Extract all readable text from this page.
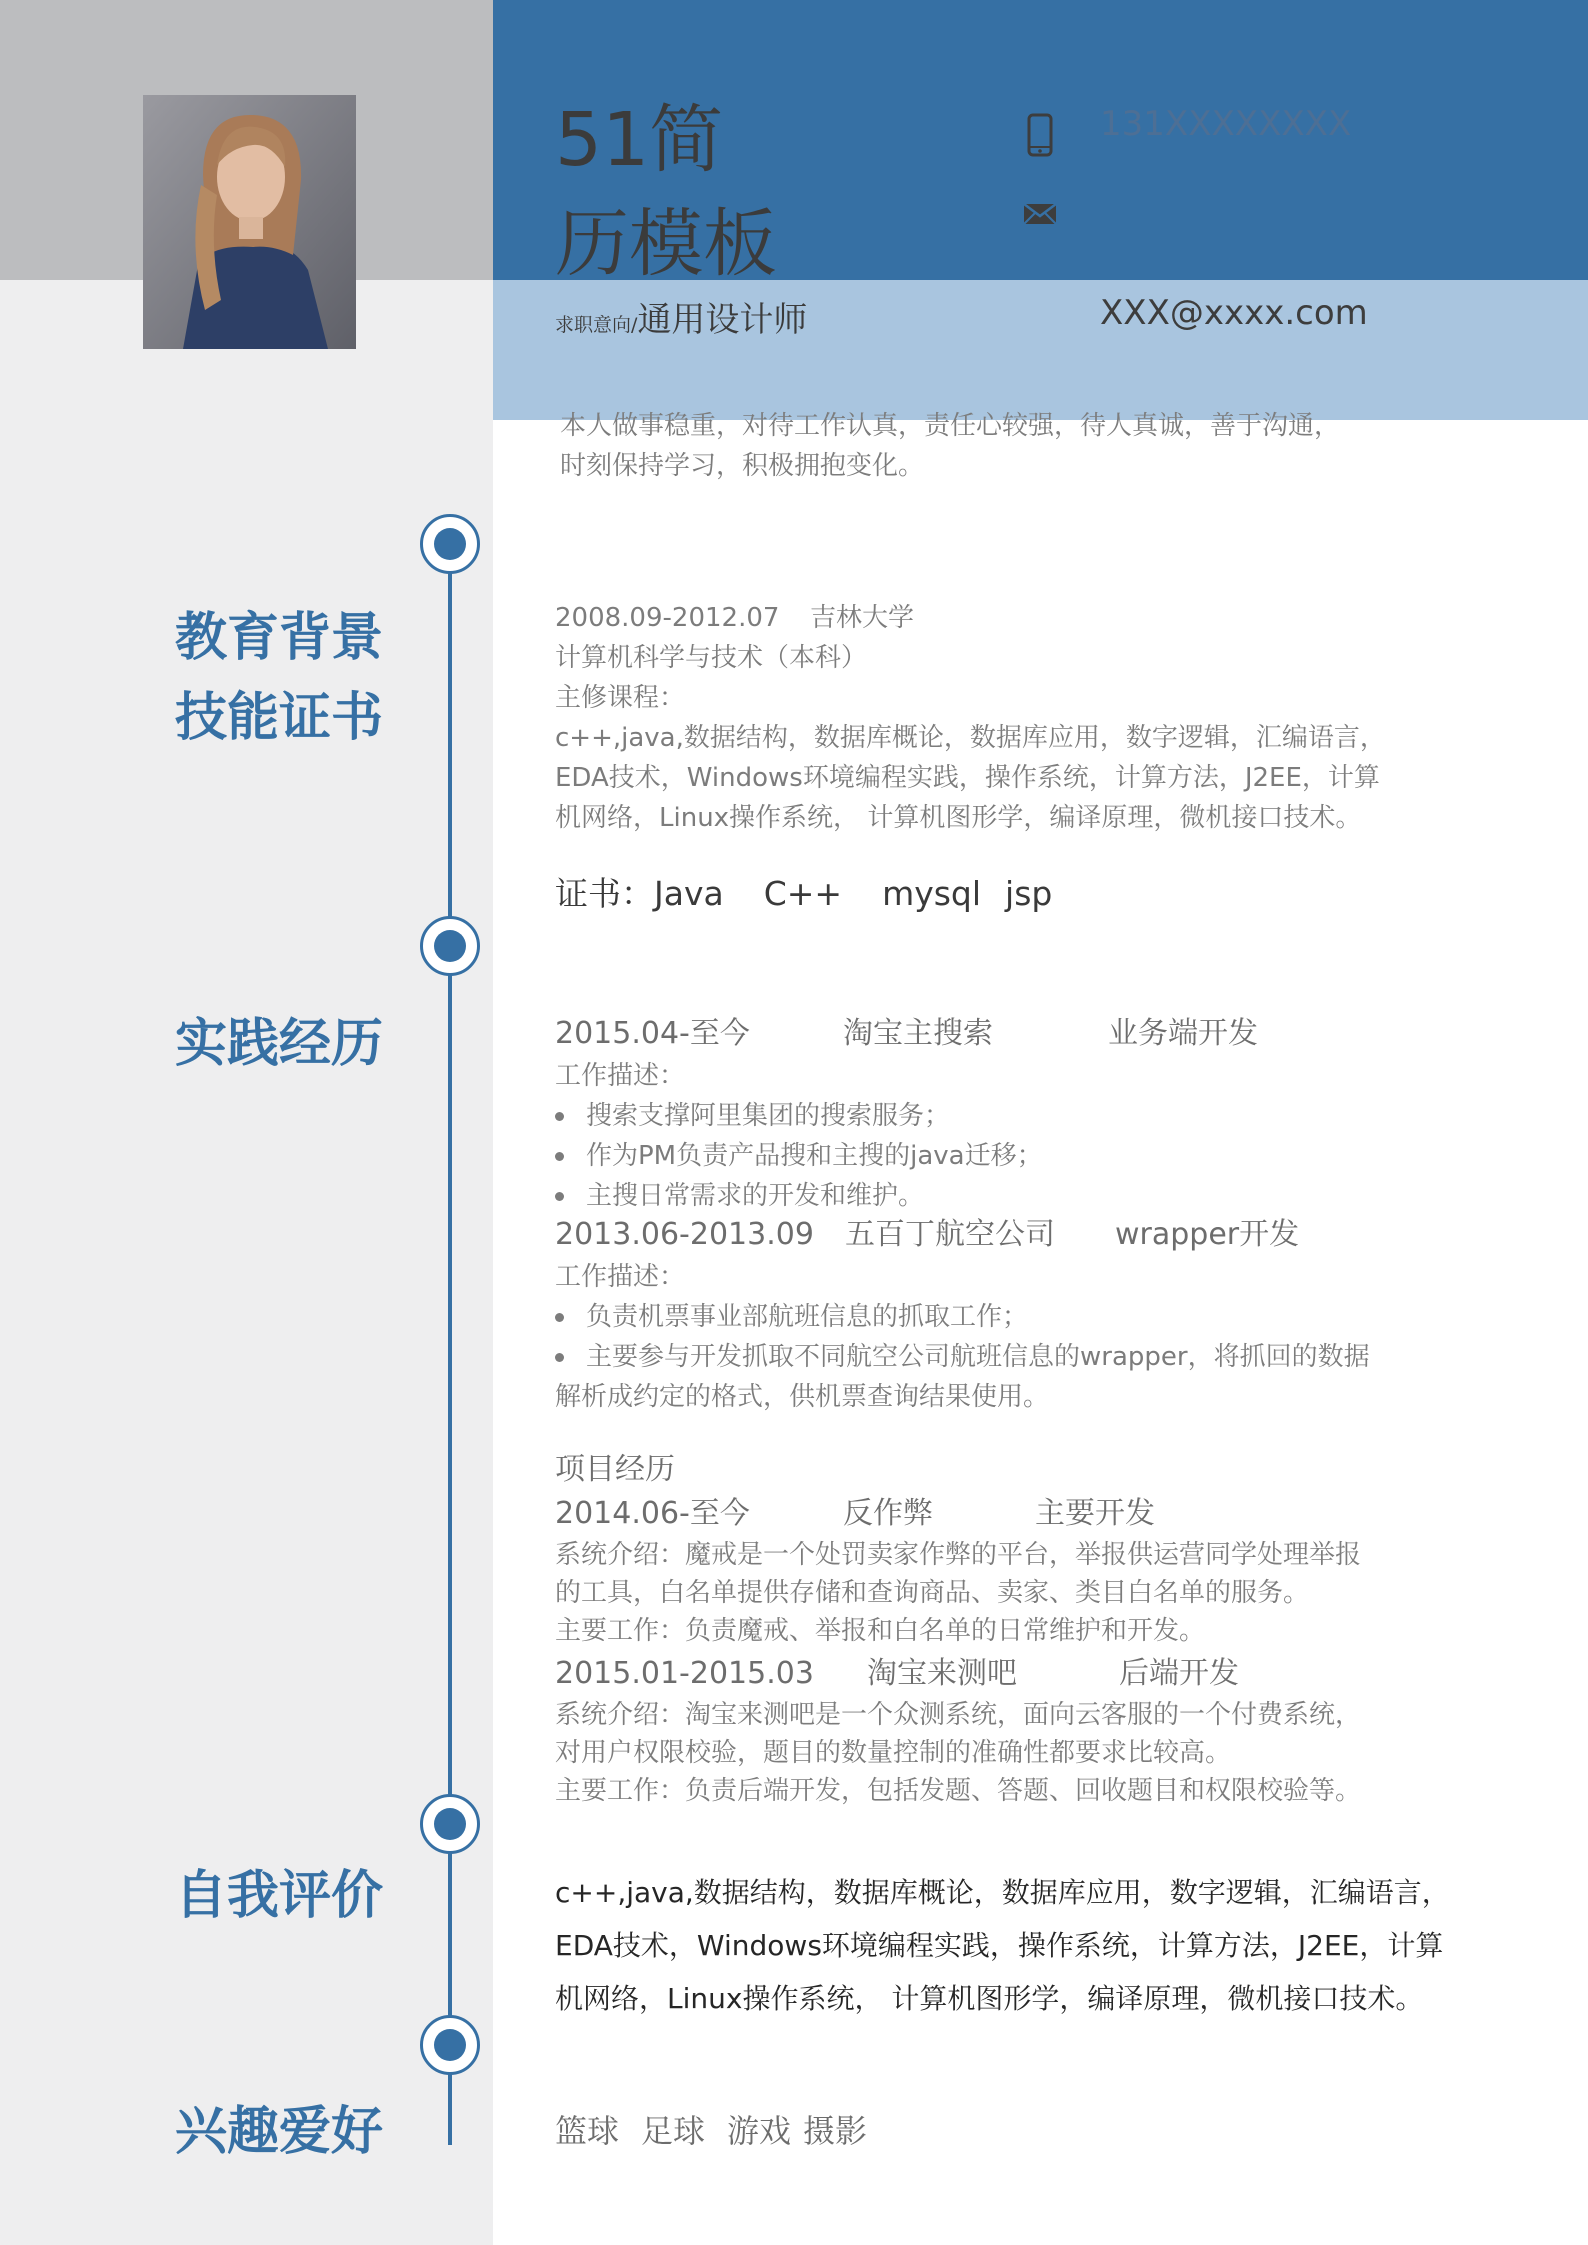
51简
历模板
求职意向/通用设计师
131XXXXXXXX
XXX@xxxx.com
本人做事稳重，对待工作认真，责任心较强，待人真诚，善于沟通，
时刻保持学习，积极拥抱变化。
教育背景
技能证书
实践经历
自我评价
兴趣爱好
2008.09-2012.07 吉林大学
计算机科学与技术（本科）
主修课程：
c++,java,数据结构，数据库概论，数据库应用，数字逻辑，汇编语言，
EDA技术，Windows环境编程实践，操作系统，计算方法，J2EE，计算
机网络，Linux操作系统， 计算机图形学，编译原理，微机接口技术。
证书：Java C++ mysql jsp
2015.04-至今	淘宝主搜索	业务端开发
工作描述：
搜索支撑阿里集团的搜索服务；
作为PM负责产品搜和主搜的java迁移；
主搜日常需求的开发和维护。
2013.06-2013.09 五百丁航空公司 wrapper开发
工作描述：
负责机票事业部航班信息的抓取工作；
主要参与开发抓取不同航空公司航班信息的wrapper，将抓回的数据
解析成约定的格式，供机票查询结果使用。
项目经历
2014.06-至今	反作弊	主要开发
系统介绍：魔戒是一个处罚卖家作弊的平台，举报供运营同学处理举报
的工具，白名单提供存储和查询商品、卖家、类目白名单的服务。
主要工作：负责魔戒、举报和白名单的日常维护和开发。
2015.01-2015.03 淘宝来测吧	后端开发
系统介绍：淘宝来测吧是一个众测系统，面向云客服的一个付费系统，
对用户权限校验，题目的数量控制的准确性都要求比较高。
主要工作：负责后端开发，包括发题、答题、回收题目和权限校验等。
c++,java,数据结构，数据库概论，数据库应用，数字逻辑，汇编语言，
EDA技术，Windows环境编程实践，操作系统，计算方法，J2EE，计算
机网络，Linux操作系统， 计算机图形学，编译原理，微机接口技术。
篮球 足球 游戏 摄影
